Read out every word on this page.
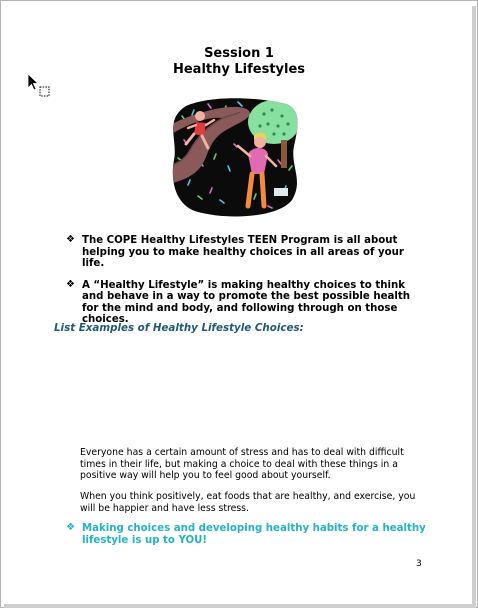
Session 1
Healthy Lifestyles
❖ The COPE Healthy Lifestyles TEEN Program is all about helping you to make healthy choices in all areas of your life.
❖ A “Healthy Lifestyle” is making healthy choices to think and behave in a way to promote the best possible health for the mind and body, and following through on those choices.
List Examples of Healthy Lifestyle Choices:
Everyone has a certain amount of stress and has to deal with difficult times in their life, but making a choice to deal with these things in a positive way will help you to feel good about yourself.
When you think positively, eat foods that are healthy, and exercise, you will be happier and have less stress.
❖ Making choices and developing healthy habits for a healthy lifestyle is up to YOU!
3
